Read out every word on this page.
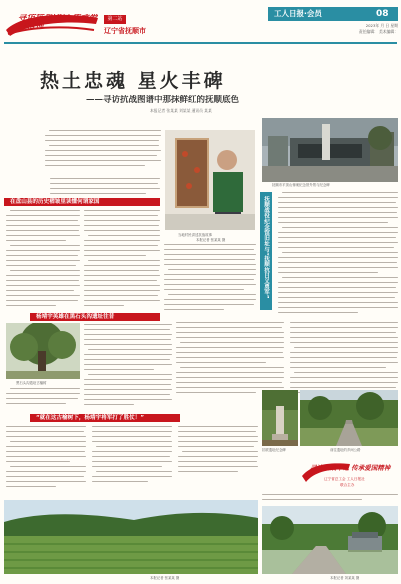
寻访抗战印记 传承爱国精神
第二站
辽宁省抚顺市
工人日报·会员	08
2023年 月 日 星期
责任编辑： 美术编辑：
热土忠魂 星火丰碑
——寻访抗战图谱中那抹鲜红的抚顺底色
本报记者 张某某 刘某某 通讯员 某某
抚顺市平顶山惨案纪念馆外景与纪念碑
抚顺战役纪念馆旧址与“抚顺抗日义勇军”
当地村民讲述抗战故事
本报记者 张某某 摄
在盘山县的历史褶皱里读懂何谓家国
杨靖宇英雄在黑石头沟遗址往昔
黑石头沟遗址古榆树
抗联遗址纪念碑	前往遗址的乡间公路
寻访抗战印记 传承爱国精神
辽宁省总工会 工人日报社
联合主办
“就在这古榆树下，杨靖宇将军打了胜仗！”
本报记者 张某某 摄	本报记者 刘某某 摄
